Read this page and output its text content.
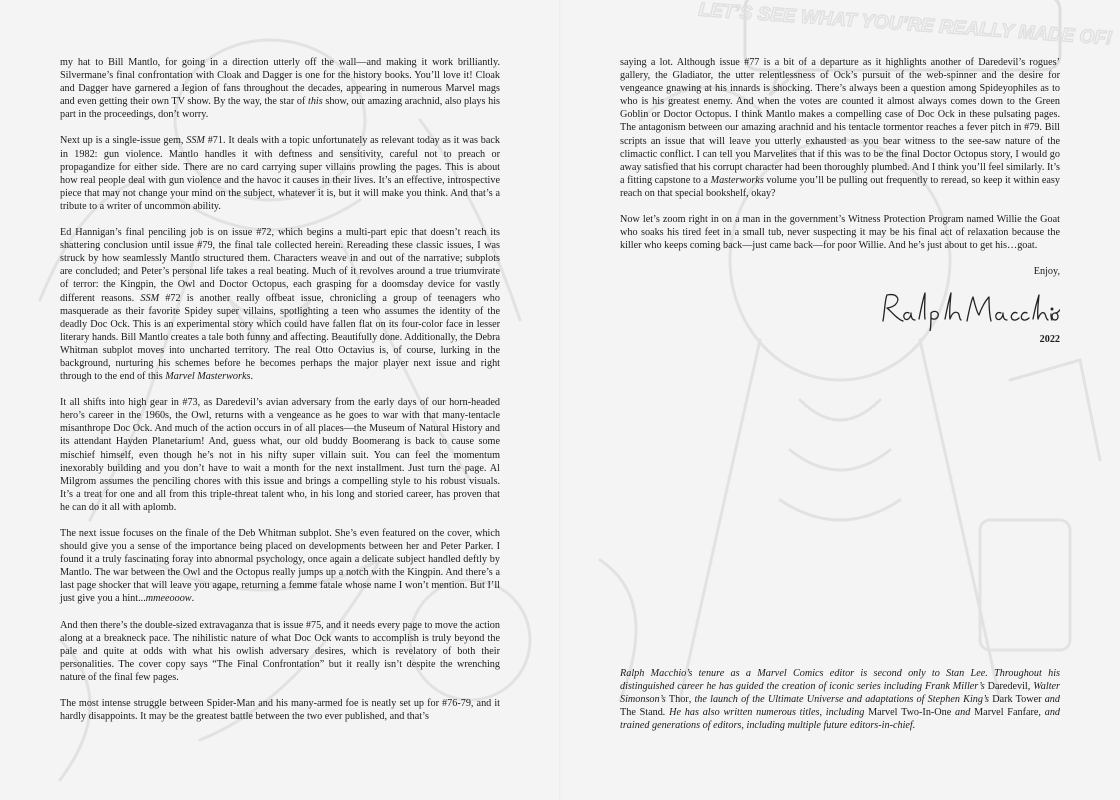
LET’S SEE WHAT YOU’RE REALLY MADE OF!

my hat to Bill Mantlo, for going in a direction utterly off the wall—and making it work brilliantly. Silvermane’s final confrontation with Cloak and Dagger is one for the history books. You’ll love it! Cloak and Dagger have garnered a legion of fans throughout the decades, appearing in numerous Marvel mags and even getting their own TV show. By the way, the star of this show, our amazing arachnid, also plays his part in the proceedings, don’t worry.

Next up is a single-issue gem, SSM #71. It deals with a topic unfortunately as relevant today as it was back in 1982: gun violence. Mantlo handles it with deftness and sensitivity, careful not to preach or propagandize for either side. There are no card carrying super villains prowling the pages. This is about how real people deal with gun violence and the havoc it causes in their lives. It’s an effective, introspective piece that may not change your mind on the subject, whatever it is, but it will make you think. And that’s a tribute to a writer of uncommon ability.

Ed Hannigan’s final penciling job is on issue #72, which begins a multi-part epic that doesn’t reach its shattering conclusion until issue #79, the final tale collected herein. Rereading these classic issues, I was struck by how seamlessly Mantlo structured them. Characters weave in and out of the narrative; subplots are concluded; and Peter’s personal life takes a real beating. Much of it revolves around a true triumvirate of terror: the Kingpin, the Owl and Doctor Octopus, each grasping for a doomsday device for vastly different reasons. SSM #72 is another really offbeat issue, chronicling a group of teenagers who masquerade as their favorite Spidey super villains, spotlighting a teen who assumes the identity of the deadly Doc Ock. This is an experimental story which could have fallen flat on its four-color face in lesser literary hands. Bill Mantlo creates a tale both funny and affecting. Beautifully done. Additionally, the Debra Whitman subplot moves into uncharted territory. The real Otto Octavius is, of course, lurking in the background, nurturing his schemes before he becomes perhaps the major player next issue and right through to the end of this Marvel Masterworks.

It all shifts into high gear in #73, as Daredevil’s avian adversary from the early days of our horn-headed hero’s career in the 1960s, the Owl, returns with a vengeance as he goes to war with that many-tentacle misanthrope Doc Ock. And much of the action occurs in of all places—the Museum of Natural History and its attendant Hayden Planetarium! And, guess what, our old buddy Boomerang is back to cause some mischief himself, even though he’s not in his nifty super villain suit. You can feel the momentum inexorably building and you don’t have to wait a month for the next installment. Just turn the page. Al Milgrom assumes the penciling chores with this issue and brings a compelling style to his robust visuals. It’s a treat for one and all from this triple-threat talent who, in his long and storied career, has proven that he can do it all with aplomb.

The next issue focuses on the finale of the Deb Whitman subplot. She’s even featured on the cover, which should give you a sense of the importance being placed on developments between her and Peter Parker. I found it a truly fascinating foray into abnormal psychology, once again a delicate subject handled deftly by Mantlo. The war between the Owl and the Octopus really jumps up a notch with the Kingpin. And there’s a last page shocker that will leave you agape, returning a femme fatale whose name I won’t mention. But I’ll just give you a hint...mmeeooow.

And then there’s the double-sized extravaganza that is issue #75, and it needs every page to move the action along at a breakneck pace. The nihilistic nature of what Doc Ock wants to accomplish is truly beyond the pale and quite at odds with what his owlish adversary desires, which is revelatory of both their personalities. The cover copy says “The Final Confrontation” but it really isn’t despite the wrenching nature of the final few pages.

The most intense struggle between Spider-Man and his many-armed foe is neatly set up for #76-79, and it hardly disappoints. It may be the greatest battle between the two ever published, and that’s

saying a lot. Although issue #77 is a bit of a departure as it highlights another of Daredevil’s rogues’ gallery, the Gladiator, the utter relentlessness of Ock’s pursuit of the web-spinner and the desire for vengeance gnawing at his innards is shocking. There’s always been a question among Spideyophiles as to who is his greatest enemy. And when the votes are counted it almost always comes down to the Green Goblin or Doctor Octopus. I think Mantlo makes a compelling case of Doc Ock in these pulsating pages. The antagonism between our amazing arachnid and his tentacle tormentor reaches a fever pitch in #79. Bill scripts an issue that will leave you utterly exhausted as you bear witness to the see-saw nature of the climactic conflict. I can tell you Marvelites that if this was to be the final Doctor Octopus story, I would go away satisfied that his corrupt character had been thoroughly plumbed. And I think you’ll feel similarly. It’s a fitting capstone to a Masterworks volume you’ll be pulling out frequently to reread, so keep it within easy reach on that special bookshelf, okay?

Now let’s zoom right in on a man in the government’s Witness Protection Program named Willie the Goat who soaks his tired feet in a small tub, never suspecting it may be his final act of relaxation because the killer who keeps coming back—just came back—for poor Willie. And he’s just about to get his…goat.

Enjoy,

2022
Ralph Macchio’s tenure as a Marvel Comics editor is second only to Stan Lee. Throughout his distinguished career he has guided the creation of iconic series including Frank Miller’s Daredevil, Walter Simonson’s Thor, the launch of the Ultimate Universe and adaptations of Stephen King’s Dark Tower and The Stand. He has also written numerous titles, including Marvel Two-In-One and Marvel Fanfare, and trained generations of editors, including multiple future editors-in-chief.
